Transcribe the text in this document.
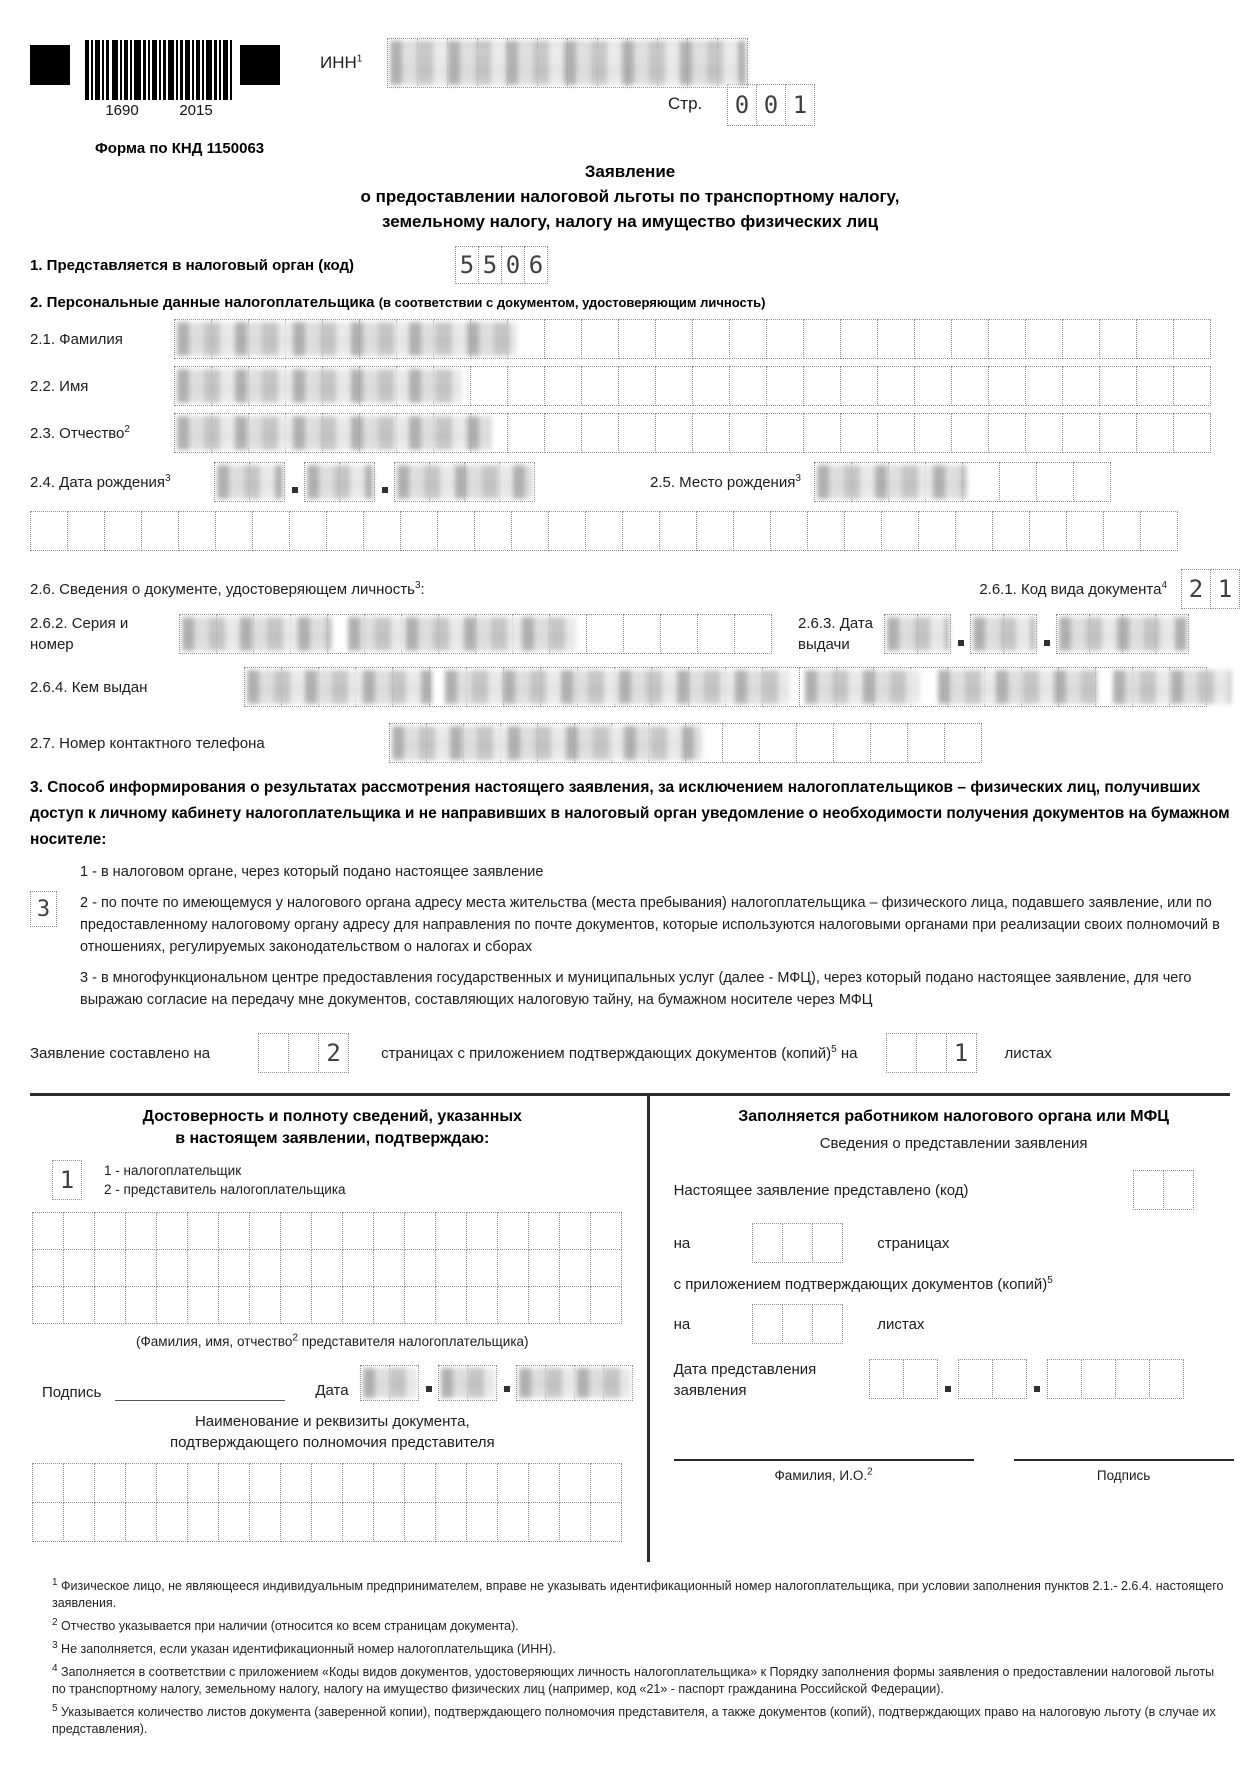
1690	2015
ИНН$^1$
Стр.	0 0 1
Форма по КНД 1150063
Заявление
о предоставлении налоговой льготы по транспортному налогу,
земельному налогу, налогу на имущество физических лиц
1. Представляется в налоговый орган (код)	5 5 0 6
2. Персональные данные налогоплательщика (в соответствии с документом, удостоверяющим личность)
2.1. Фамилия
2.2. Имя
2.3. Отчество$^2$
2.4. Дата рождения$^3$	2.5. Место рождения$^3$
2.6. Сведения о документе, удостоверяющем личность$^3$:	2.6.1. Код вида документа$^4$ 2 1
2.6.2. Серия и
номер
2.6.3. Дата
выдачи
2.6.4. Кем выдан
2.7. Номер контактного телефона
3. Способ информирования о результатах рассмотрения настоящего заявления, за исключением налогоплательщиков – физических лиц, получивших доступ к личному кабинету налогоплательщика и не направивших в налоговый орган уведомление о необходимости получения документов на бумажном носителе:
3

1 - в налоговом органе, через который подано настоящее заявление

2 - по почте по имеющемуся у налогового органа адресу места жительства (места пребывания) налогоплательщика – физического лица, подавшего заявление, или по предоставленному налоговому органу адресу для направления по почте документов, которые используются налоговыми органами при реализации своих полномочий в отношениях, регулируемых законодательством о налогах и сборах

3 - в многофункциональном центре предоставления государственных и муниципальных услуг (далее - МФЦ), через который подано настоящее заявление, для чего выражаю согласие на передачу мне документов, составляющих налоговую тайну, на бумажном носителе через МФЦ

Заявление составлено на	2	страницах с приложением подтверждающих документов (копий)$^5$ на	1	листах
Достоверность и полноту сведений, указанных
в настоящем заявлении, подтверждаю:
1	1 - налогоплательщик
2 - представитель налогоплательщика
(Фамилия, имя, отчество$^2$ представителя налогоплательщика)
Подпись	Дата
Наименование и реквизиты документа,
подтверждающего полномочия представителя
Заполняется работником налогового органа или МФЦ
Сведения о представлении заявления
Настоящее заявление представлено (код)
на	страницах
с приложением подтверждающих документов (копий)$^5$
на	листах
Дата представления
заявления
Фамилия, И.О.$^2$	Подпись

$^1$ Физическое лицо, не являющееся индивидуальным предпринимателем, вправе не указывать идентификационный номер налогоплательщика, при условии заполнения пунктов 2.1.- 2.6.4. настоящего заявления.

$^2$ Отчество указывается при наличии (относится ко всем страницам документа).

$^3$ Не заполняется, если указан идентификационный номер налогоплательщика (ИНН).

$^4$ Заполняется в соответствии с приложением «Коды видов документов, удостоверяющих личность налогоплательщика» к Порядку заполнения формы заявления о предоставлении налоговой льготы по транспортному налогу, земельному налогу, налогу на имущество физических лиц (например, код «21» - паспорт гражданина Российской Федерации).

$^5$ Указывается количество листов документа (заверенной копии), подтверждающего полномочия представителя, а также документов (копий), подтверждающих право на налоговую льготу (в случае их представления).
